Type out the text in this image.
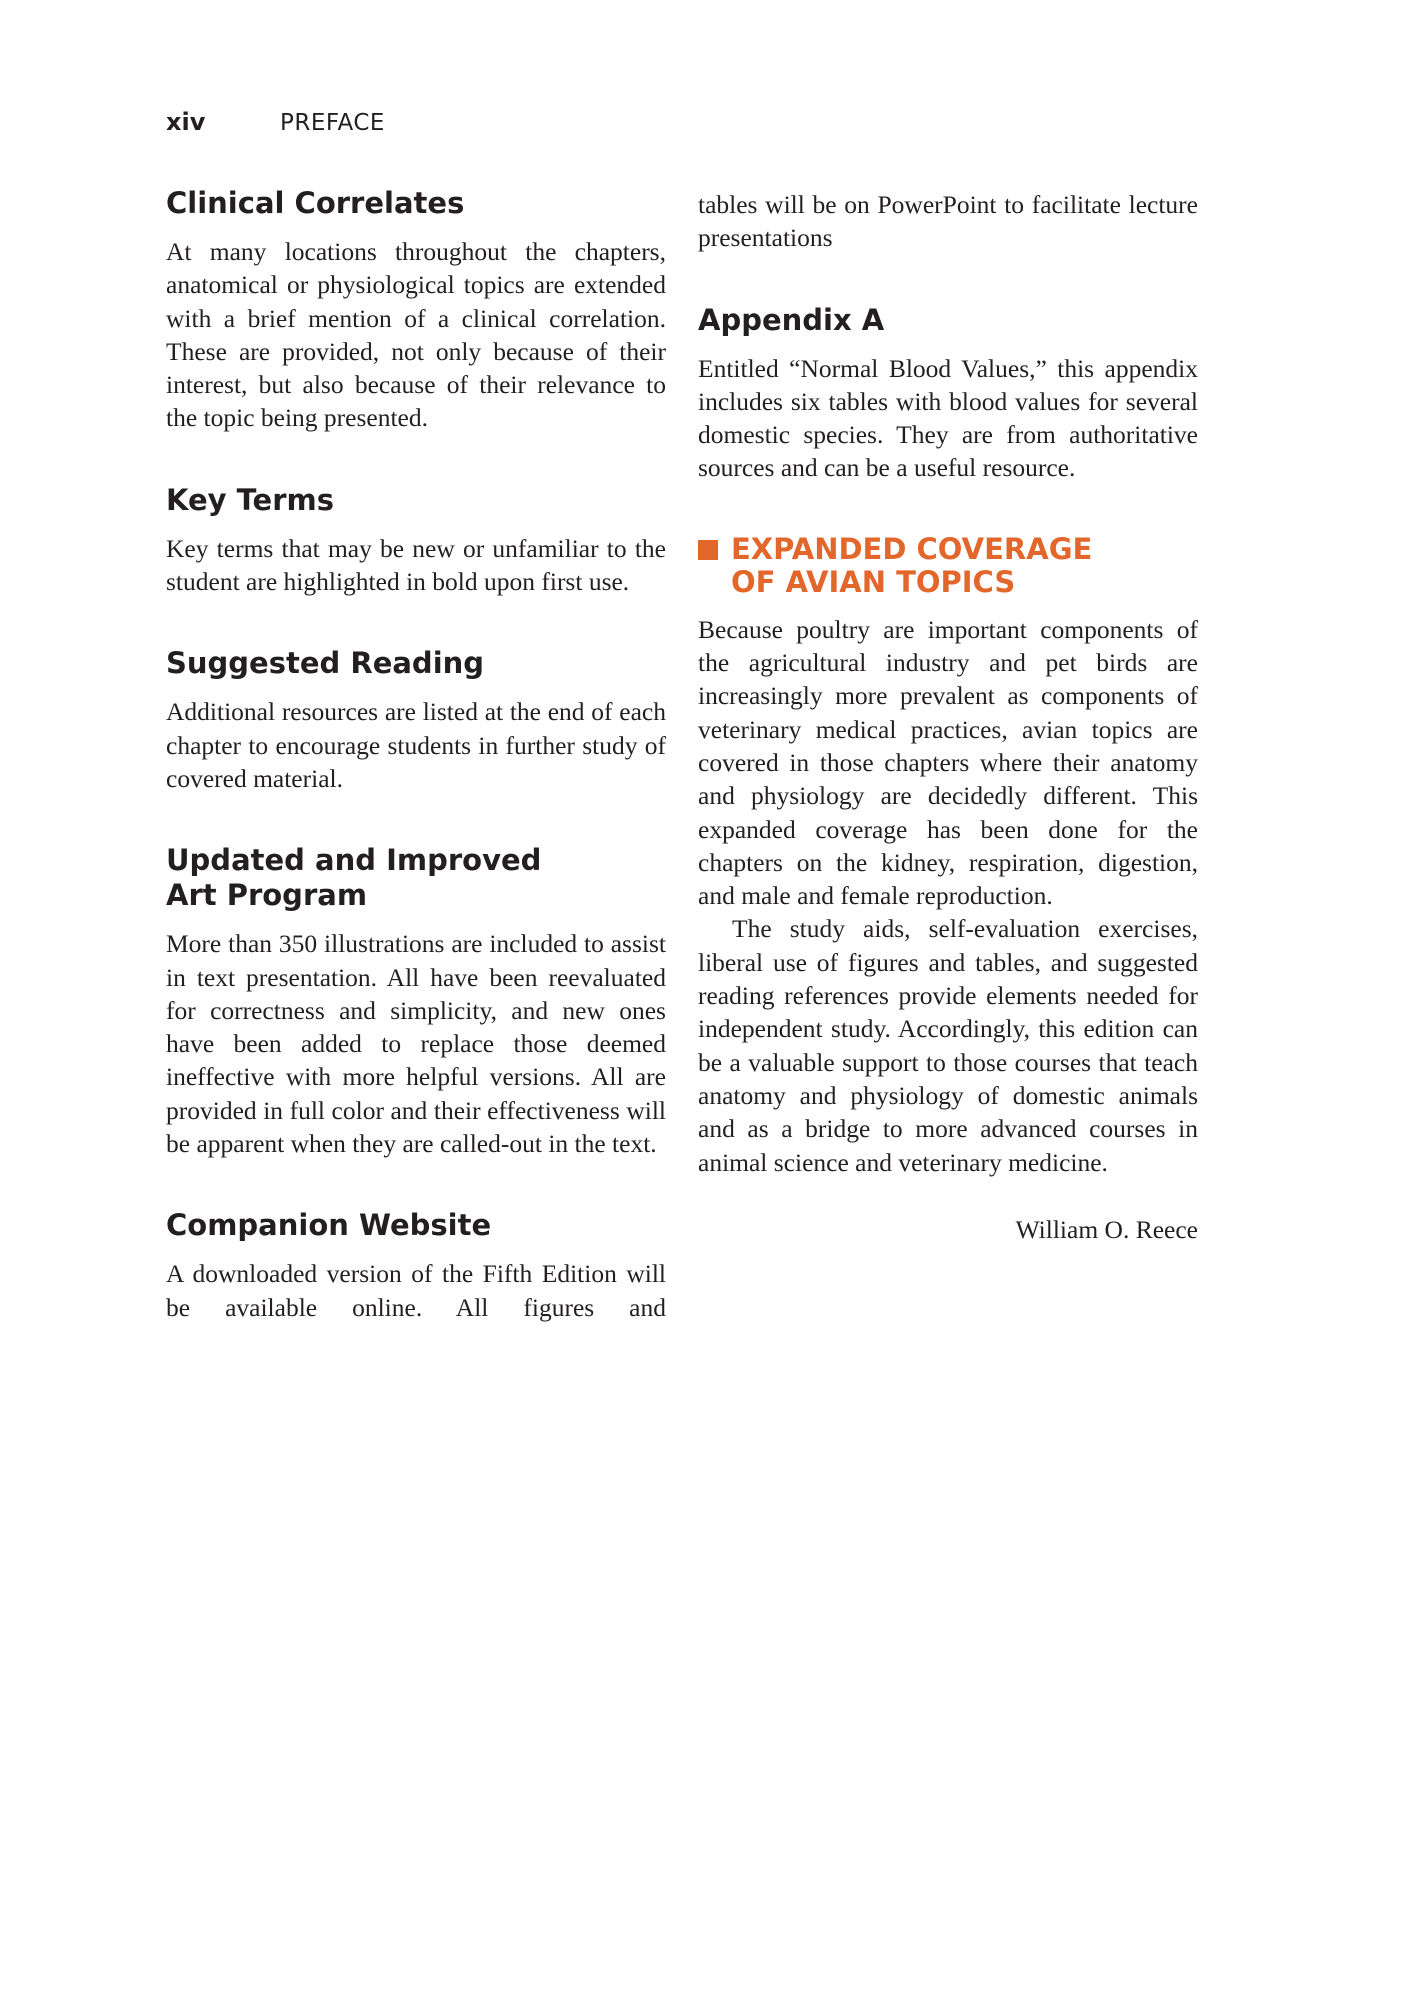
xiv	PREFACE
Clinical Correlates

At many locations throughout the chapters, anatomical or physiological topics are extended with a brief mention of a clinical correlation. These are provided, not only because of their interest, but also because of their relevance to the topic being presented.

Key Terms

Key terms that may be new or unfamiliar to the student are highlighted in bold upon first use.

Suggested Reading

Additional resources are listed at the end of each chapter to encourage students in further study of covered material.

Updated and Improved Art Program

More than 350 illustrations are included to assist in text presentation. All have been reevaluated for correctness and simplicity, and new ones have been added to replace those deemed ineffective with more helpful versions. All are provided in full color and their effectiveness will be apparent when they are called-out in the text.

Companion Website

A downloaded version of the Fifth Edition will be available online. All figures and

tables will be on PowerPoint to facilitate lecture presentations

Appendix A

Entitled “Normal Blood Values,” this appendix includes six tables with blood values for several domestic species. They are from authoritative sources and can be a useful resource.

EXPANDED COVERAGE OF AVIAN TOPICS

Because poultry are important components of the agricultural industry and pet birds are increasingly more prevalent as components of veterinary medical practices, avian topics are covered in those chapters where their anatomy and physiology are decidedly different. This expanded coverage has been done for the chapters on the kidney, respiration, digestion, and male and female reproduction.

The study aids, self-evaluation exercises, liberal use of figures and tables, and suggested reading references provide elements needed for independent study. Accordingly, this edition can be a valuable support to those courses that teach anatomy and physiology of domestic animals and as a bridge to more advanced courses in animal science and veterinary medicine.

William O. Reece
